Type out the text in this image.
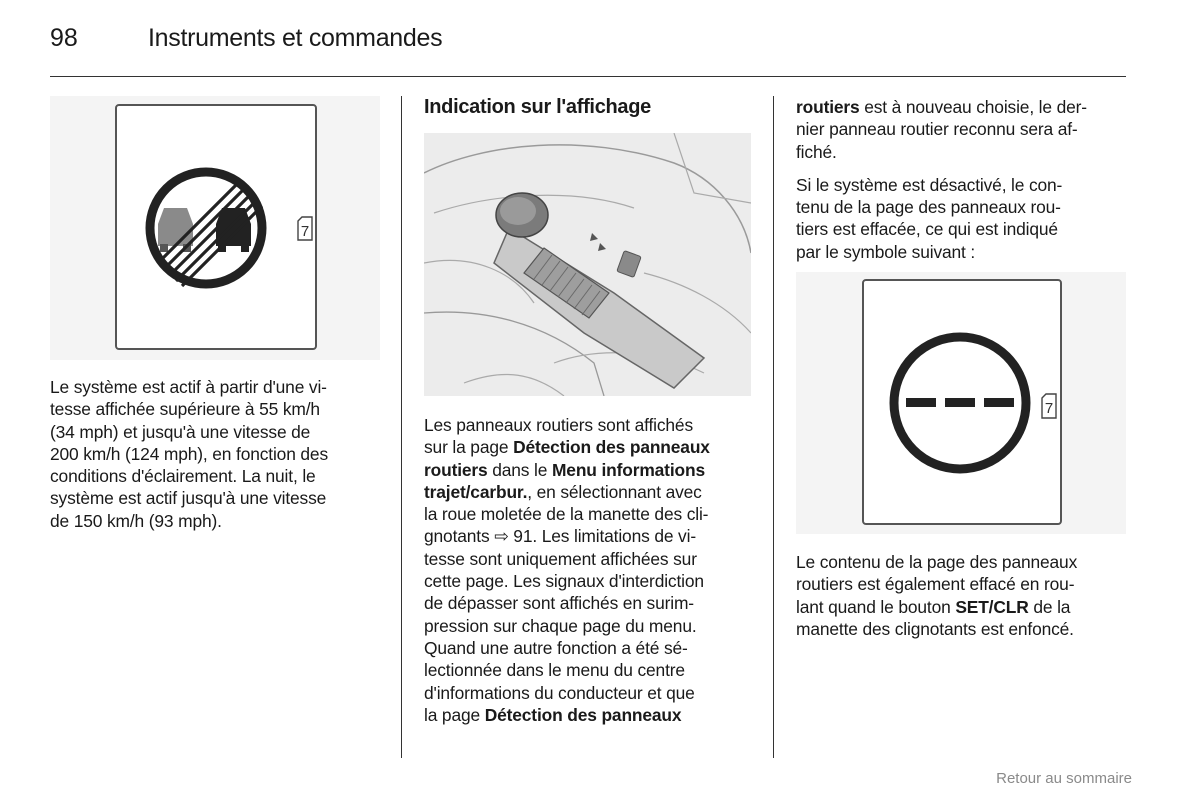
98	Instruments et commandes
7
Le système est actif à partir d'une vi-
tesse affichée supérieure à 55 km/h
(34 mph) et jusqu'à une vitesse de
200 km/h (124 mph), en fonction des
conditions d'éclairement. La nuit, le
système est actif jusqu'à une vitesse
de 150 km/h (93 mph).
Indication sur l'affichage
Les panneaux routiers sont affichés
sur la page Détection des panneaux
routiers dans le Menu informations
trajet/carbur., en sélectionnant avec
la roue moletée de la manette des cli-
gnotants ⇨ 91. Les limitations de vi-
tesse sont uniquement affichées sur
cette page. Les signaux d'interdiction
de dépasser sont affichés en surim-
pression sur chaque page du menu.
Quand une autre fonction a été sé-
lectionnée dans le menu du centre
d'informations du conducteur et que
la page Détection des panneaux

routiers est à nouveau choisie, le der-
nier panneau routier reconnu sera af-
fiché.

Si le système est désactivé, le con-
tenu de la page des panneaux rou-
tiers est effacée, ce qui est indiqué
par le symbole suivant :

7
Le contenu de la page des panneaux
routiers est également effacé en rou-
lant quand le bouton SET/CLR de la
manette des clignotants est enfoncé.
Retour au sommaire
